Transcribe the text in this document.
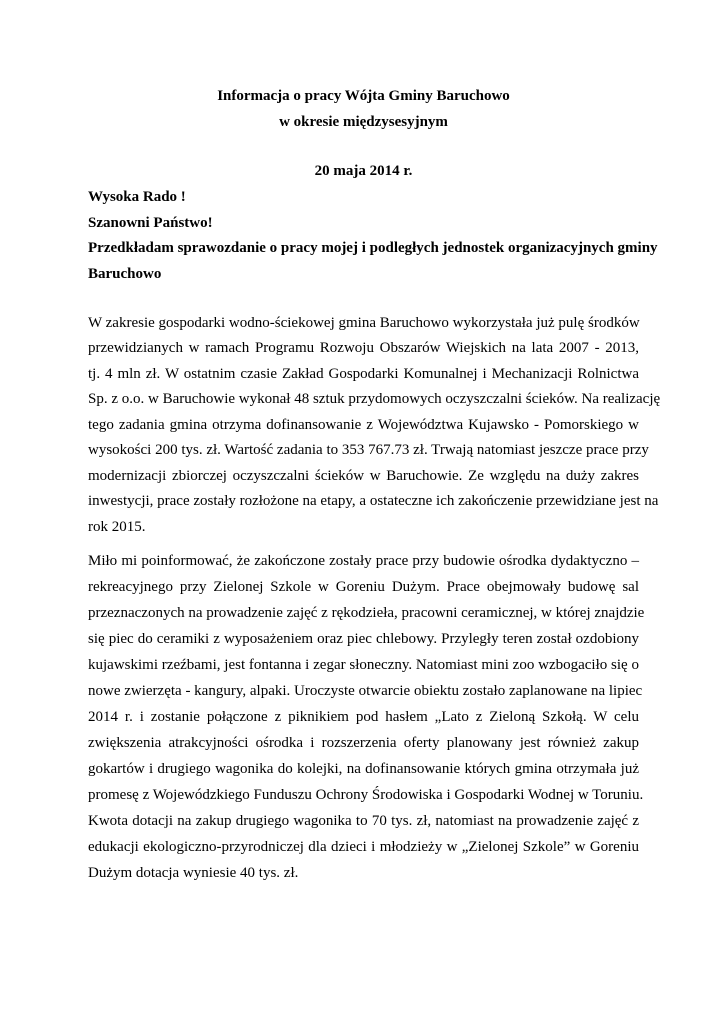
Informacja o pracy Wójta Gminy Baruchowo
w okresie międzysesyjnym
20 maja 2014 r.
Wysoka Rado !
Szanowni Państwo!
Przedkładam sprawozdanie o pracy mojej i podległych jednostek organizacyjnych gminy
Baruchowo
W zakresie gospodarki wodno-ściekowej gmina Baruchowo wykorzystała już pulę środków
przewidzianych w ramach Programu Rozwoju Obszarów Wiejskich na lata 2007 - 2013,
tj. 4 mln zł. W ostatnim czasie Zakład Gospodarki Komunalnej i Mechanizacji Rolnictwa
Sp. z o.o. w Baruchowie wykonał 48 sztuk przydomowych oczyszczalni ścieków. Na realizację
tego zadania gmina otrzyma dofinansowanie z Województwa Kujawsko - Pomorskiego w
wysokości 200 tys. zł. Wartość zadania to 353 767.73 zł. Trwają natomiast jeszcze prace przy
modernizacji zbiorczej oczyszczalni ścieków w Baruchowie. Ze względu na duży zakres
inwestycji, prace zostały rozłożone na etapy, a ostateczne ich zakończenie przewidziane jest na
rok 2015.
Miło mi poinformować, że zakończone zostały prace przy budowie ośrodka dydaktyczno –
rekreacyjnego przy Zielonej Szkole w Goreniu Dużym. Prace obejmowały budowę sal
przeznaczonych na prowadzenie zajęć z rękodzieła, pracowni ceramicznej, w której znajdzie
się piec do ceramiki z wyposażeniem oraz piec chlebowy. Przyległy teren został ozdobiony
kujawskimi rzeźbami, jest fontanna i zegar słoneczny. Natomiast mini zoo wzbogaciło się o
nowe zwierzęta - kangury, alpaki. Uroczyste otwarcie obiektu zostało zaplanowane na lipiec
2014 r. i zostanie połączone z piknikiem pod hasłem „Lato z Zieloną Szkołą. W celu
zwiększenia atrakcyjności ośrodka i rozszerzenia oferty planowany jest również zakup
gokartów i drugiego wagonika do kolejki, na dofinansowanie których gmina otrzymała już
promesę z Wojewódzkiego Funduszu Ochrony Środowiska i Gospodarki Wodnej w Toruniu.
Kwota dotacji na zakup drugiego wagonika to 70 tys. zł, natomiast na prowadzenie zajęć z
edukacji ekologiczno-przyrodniczej dla dzieci i młodzieży w „Zielonej Szkole” w Goreniu
Dużym dotacja wyniesie 40 tys. zł.
